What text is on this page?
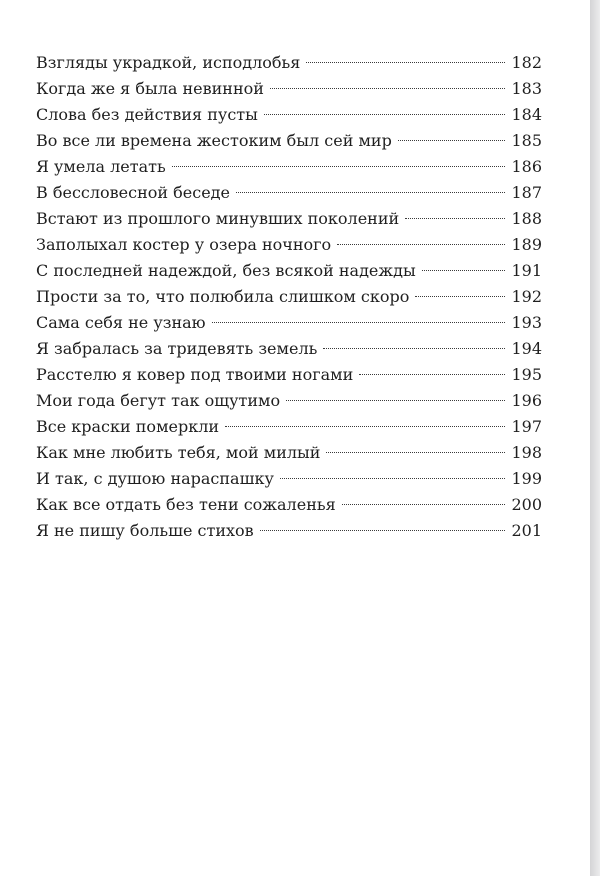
Взгляды украдкой, исподлобья	182
Когда же я была невинной	183
Слова без действия пусты	184
Во все ли времена жестоким был сей мир	185
Я умела летать	186
В бессловесной беседе	187
Встают из прошлого минувших поколений	188
Заполыхал костер у озера ночного	189
С последней надеждой, без всякой надежды	191
Прости за то, что полюбила слишком скоро	192
Сама себя не узнаю	193
Я забралась за тридевять земель	194
Расстелю я ковер под твоими ногами	195
Мои года бегут так ощутимо	196
Все краски померкли	197
Как мне любить тебя, мой милый	198
И так, с душою нараспашку	199
Как все отдать без тени сожаленья	200
Я не пишу больше стихов	201
